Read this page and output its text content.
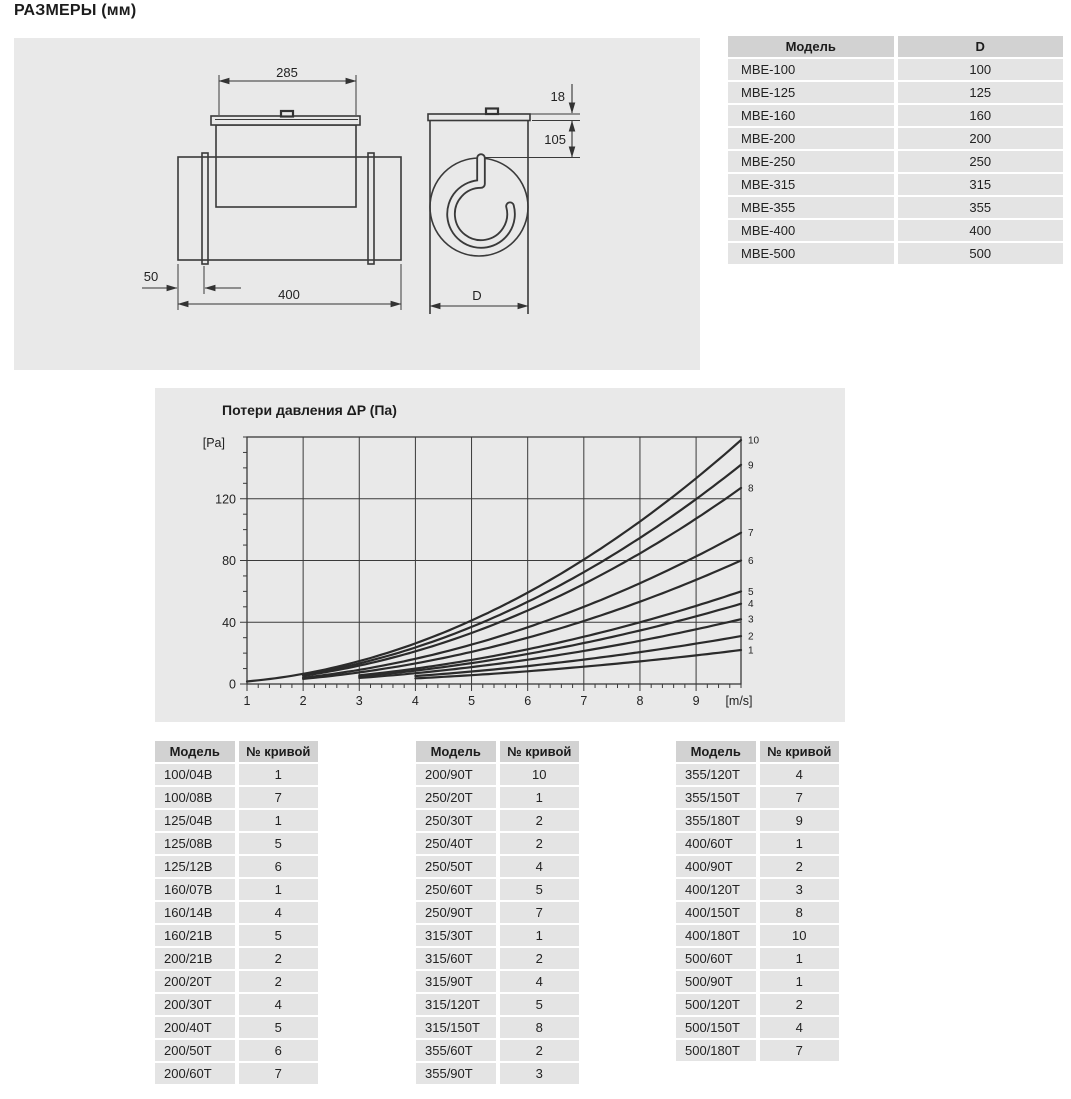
РАЗМЕРЫ (мм)
285
50
400
18
105
D
Модель	D
МВЕ-100	100
МВЕ-125	125
МВЕ-160	160
МВЕ-200	200
МВЕ-250	250
МВЕ-315	315
МВЕ-355	355
МВЕ-400	400
МВЕ-500	500
Потери давления ΔP (Па)
1	2	3	4	5	6	7	8	9 [m/s]
0
40
80
120
[Pa]
1
2
3
4
5
6
7
8
9
10
Модель	№ кривой
100/04В	1
100/08В	7
125/04В	1
125/08В	5
125/12В	6
160/07В	1
160/14В	4
160/21В	5
200/21В	2
200/20Т	2
200/30Т	4
200/40Т	5
200/50Т	6
200/60Т	7
Модель	№ кривой
200/90Т	10
250/20Т	1
250/30Т	2
250/40Т	2
250/50Т	4
250/60Т	5
250/90Т	7
315/30Т	1
315/60Т	2
315/90Т	4
315/120Т	5
315/150Т	8
355/60Т	2
355/90Т	3
Модель	№ кривой
355/120Т	4
355/150Т	7
355/180Т	9
400/60Т	1
400/90Т	2
400/120Т	3
400/150Т	8
400/180Т	10
500/60Т	1
500/90Т	1
500/120Т	2
500/150Т	4
500/180Т	7
